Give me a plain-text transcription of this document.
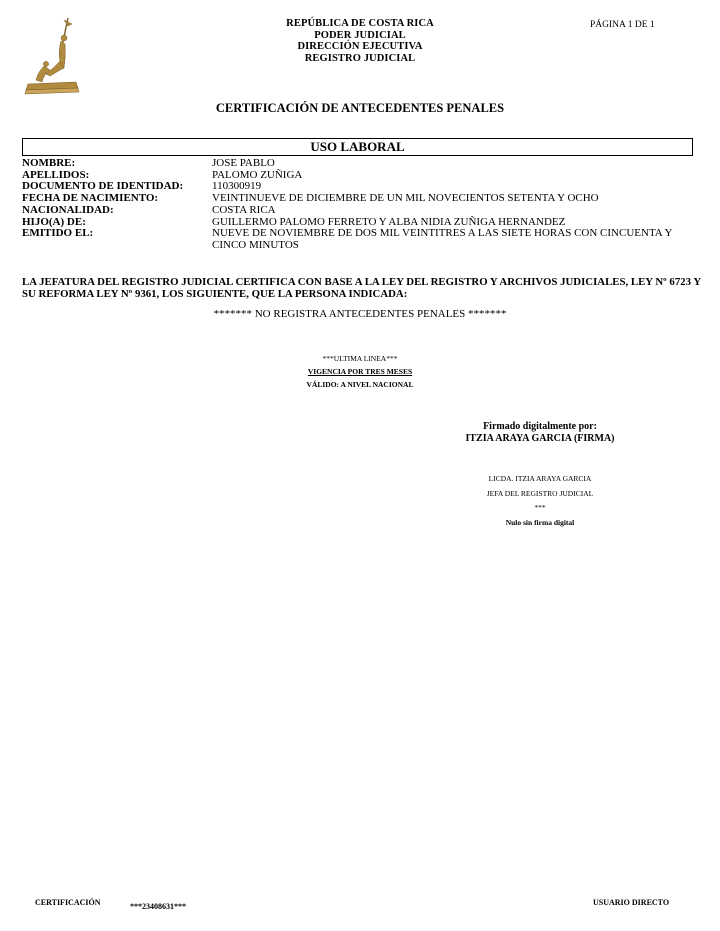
REPÚBLICA DE COSTA RICA
PODER JUDICIAL
DIRECCIÓN EJECUTIVA
REGISTRO JUDICIAL
PÁGINA 1 DE 1
CERTIFICACIÓN DE ANTECEDENTES PENALES
USO LABORAL
NOMBRE:	JOSE PABLO
APELLIDOS:	PALOMO ZUÑIGA
DOCUMENTO DE IDENTIDAD:	110300919
FECHA DE NACIMIENTO:	VEINTINUEVE DE DICIEMBRE DE UN MIL NOVECIENTOS SETENTA Y OCHO
NACIONALIDAD:	COSTA RICA
HIJO(A) DE:	GUILLERMO PALOMO FERRETO Y ALBA NIDIA ZUÑIGA HERNANDEZ
EMITIDO EL:	NUEVE DE NOVIEMBRE DE DOS MIL VEINTITRES A LAS SIETE HORAS CON CINCUENTA Y CINCO MINUTOS
LA JEFATURA DEL REGISTRO JUDICIAL CERTIFICA CON BASE A LA LEY DEL REGISTRO Y ARCHIVOS JUDICIALES, LEY Nº 6723 Y SU REFORMA LEY Nº 9361, LOS SIGUIENTE, QUE LA PERSONA INDICADA:
******* NO REGISTRA ANTECEDENTES PENALES *******
***ULTIMA LINEA***
VIGENCIA POR TRES MESES
VÁLIDO: A NIVEL NACIONAL
Firmado digitalmente por:
ITZIA ARAYA GARCIA (FIRMA)
LICDA. ITZIA ARAYA GARCIA
JEFA DEL REGISTRO JUDICIAL
***
Nulo sin firma digital
CERTIFICACIÓN	***23408631***	USUARIO DIRECTO
